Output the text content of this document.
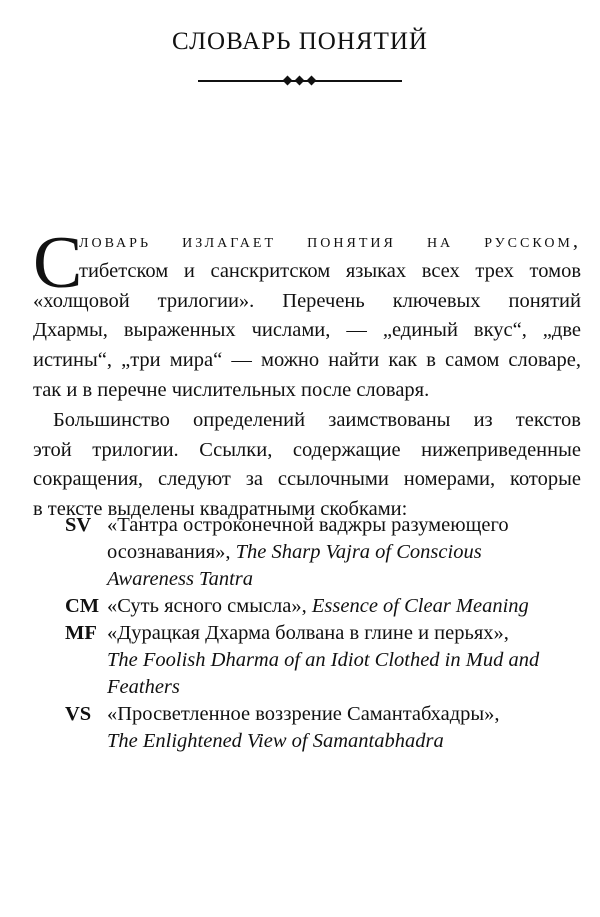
СЛОВАРЬ ПОНЯТИЙ
С
ловарь излагает понятия на русском,
тибетском и санскритском языках всех трех томов
«холщовой трилогии». Перечень ключевых понятий
Дхармы, выраженных числами, — „единый вкус“, „две
истины“, „три мира“ — можно найти как в самом словаре,
так и в перечне числительных после словаря.
Большинство определений заимствованы из текстов
этой трилогии. Ссылки, содержащие нижеприведенные
сокращения, следуют за ссылочными номерами, которые
в тексте выделены квадратными скобками:
SV «Тантра остроконечной ваджры разумеющего
осознавания», The Sharp Vajra of Conscious
Awareness Tantra
CM «Суть ясного смысла», Essence of Clear Meaning
MF «Дурацкая Дхарма болвана в глине и перьях»,
The Foolish Dharma of an Idiot Clothed in Mud and
Feathers
VS «Просветленное воззрение Самантабхадры»,
The Enlightened View of Samantabhadra
